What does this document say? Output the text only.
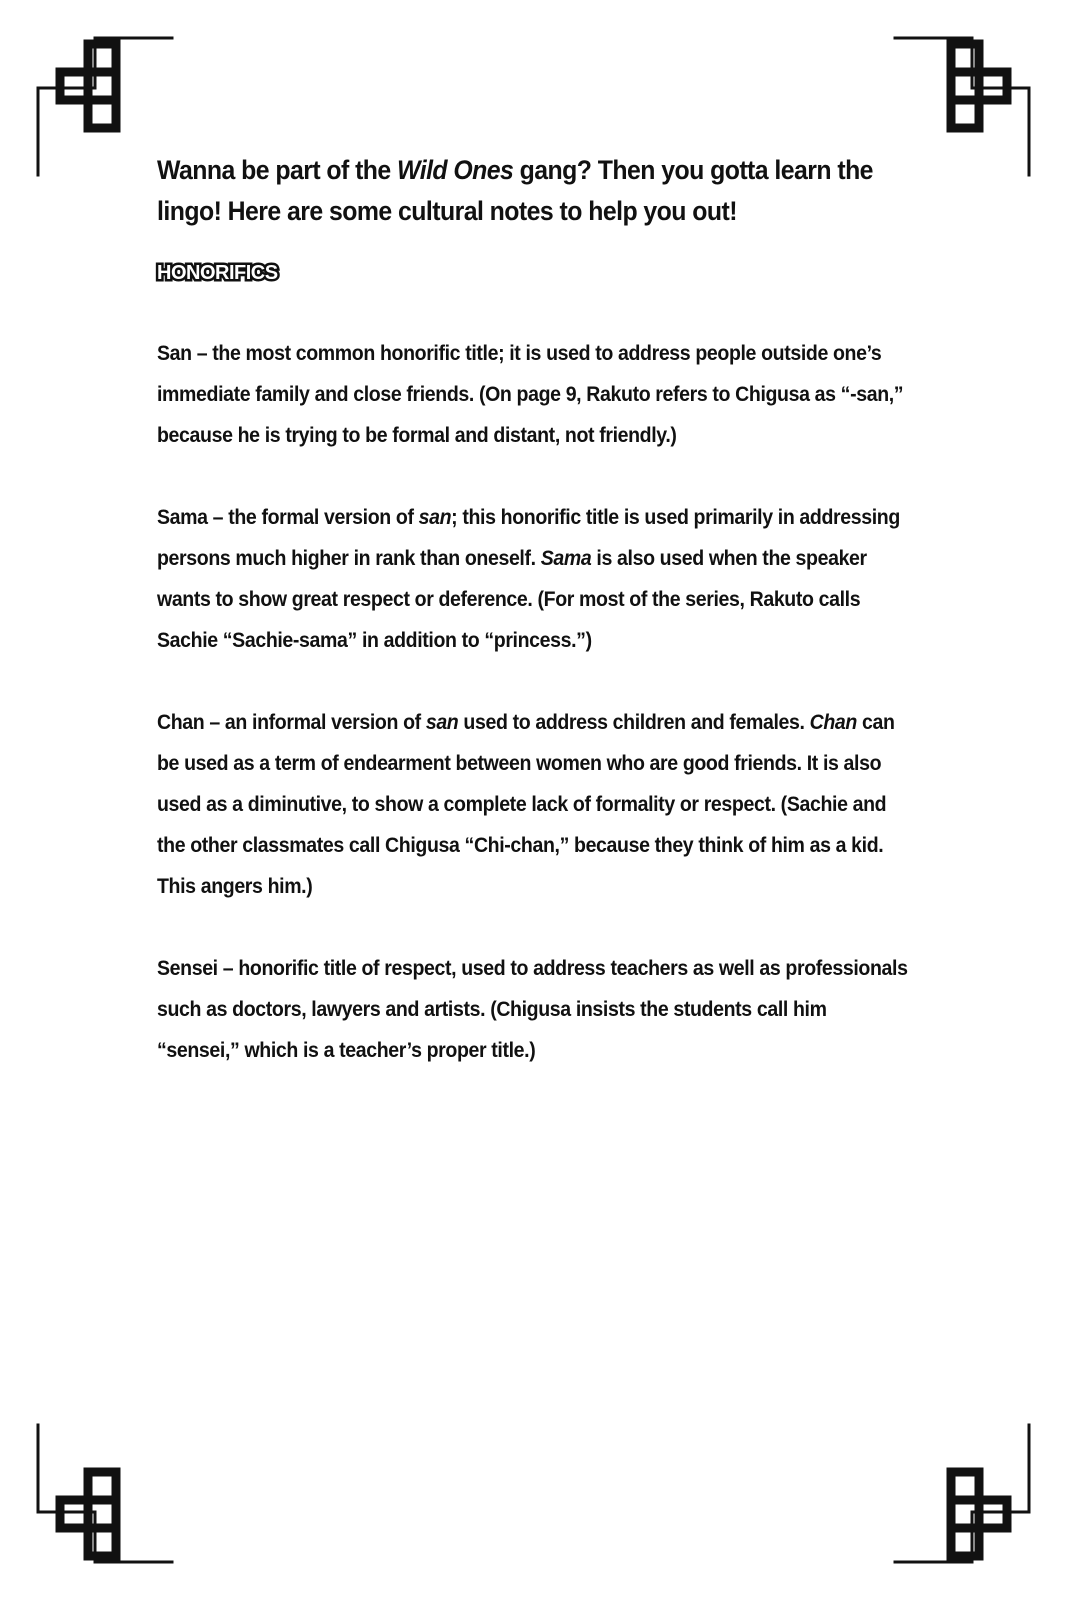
Wanna be part of the Wild Ones gang? Then you gotta learn the lingo! Here are some cultural notes to help you out!

HONORIFICS

San – the most common honorific title; it is used to address people outside one’s immediate family and close friends. (On page 9, Rakuto refers to Chigusa as “-san,” because he is trying to be formal and distant, not friendly.)

Sama – the formal version of san; this honorific title is used primarily in addressing persons much higher in rank than oneself. Sama is also used when the speaker wants to show great respect or deference. (For most of the series, Rakuto calls Sachie “Sachie-sama” in addition to “princess.”)

Chan – an informal version of san used to address children and females. Chan can be used as a term of endearment between women who are good friends. It is also used as a diminutive, to show a complete lack of formality or respect. (Sachie and the other classmates call Chigusa “Chi-chan,” because they think of him as a kid. This angers him.)

Sensei – honorific title of respect, used to address teachers as well as professionals such as doctors, lawyers and artists. (Chigusa insists the students call him “sensei,” which is a teacher’s proper title.)
